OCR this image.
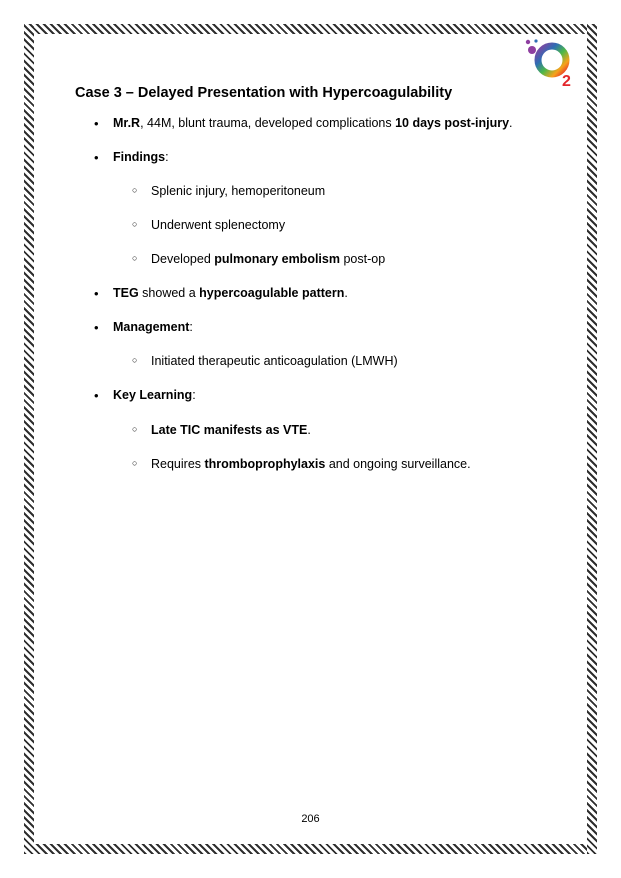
2
Case 3 – Delayed Presentation with Hypercoagulability
• Mr.R, 44M, blunt trauma, developed complications 10 days post-injury.
• Findings:
○ Splenic injury, hemoperitoneum
○ Underwent splenectomy
○ Developed pulmonary embolism post-op
• TEG showed a hypercoagulable pattern.
• Management:
○ Initiated therapeutic anticoagulation (LMWH)
• Key Learning:
○ Late TIC manifests as VTE.
○ Requires thromboprophylaxis and ongoing surveillance.
206
